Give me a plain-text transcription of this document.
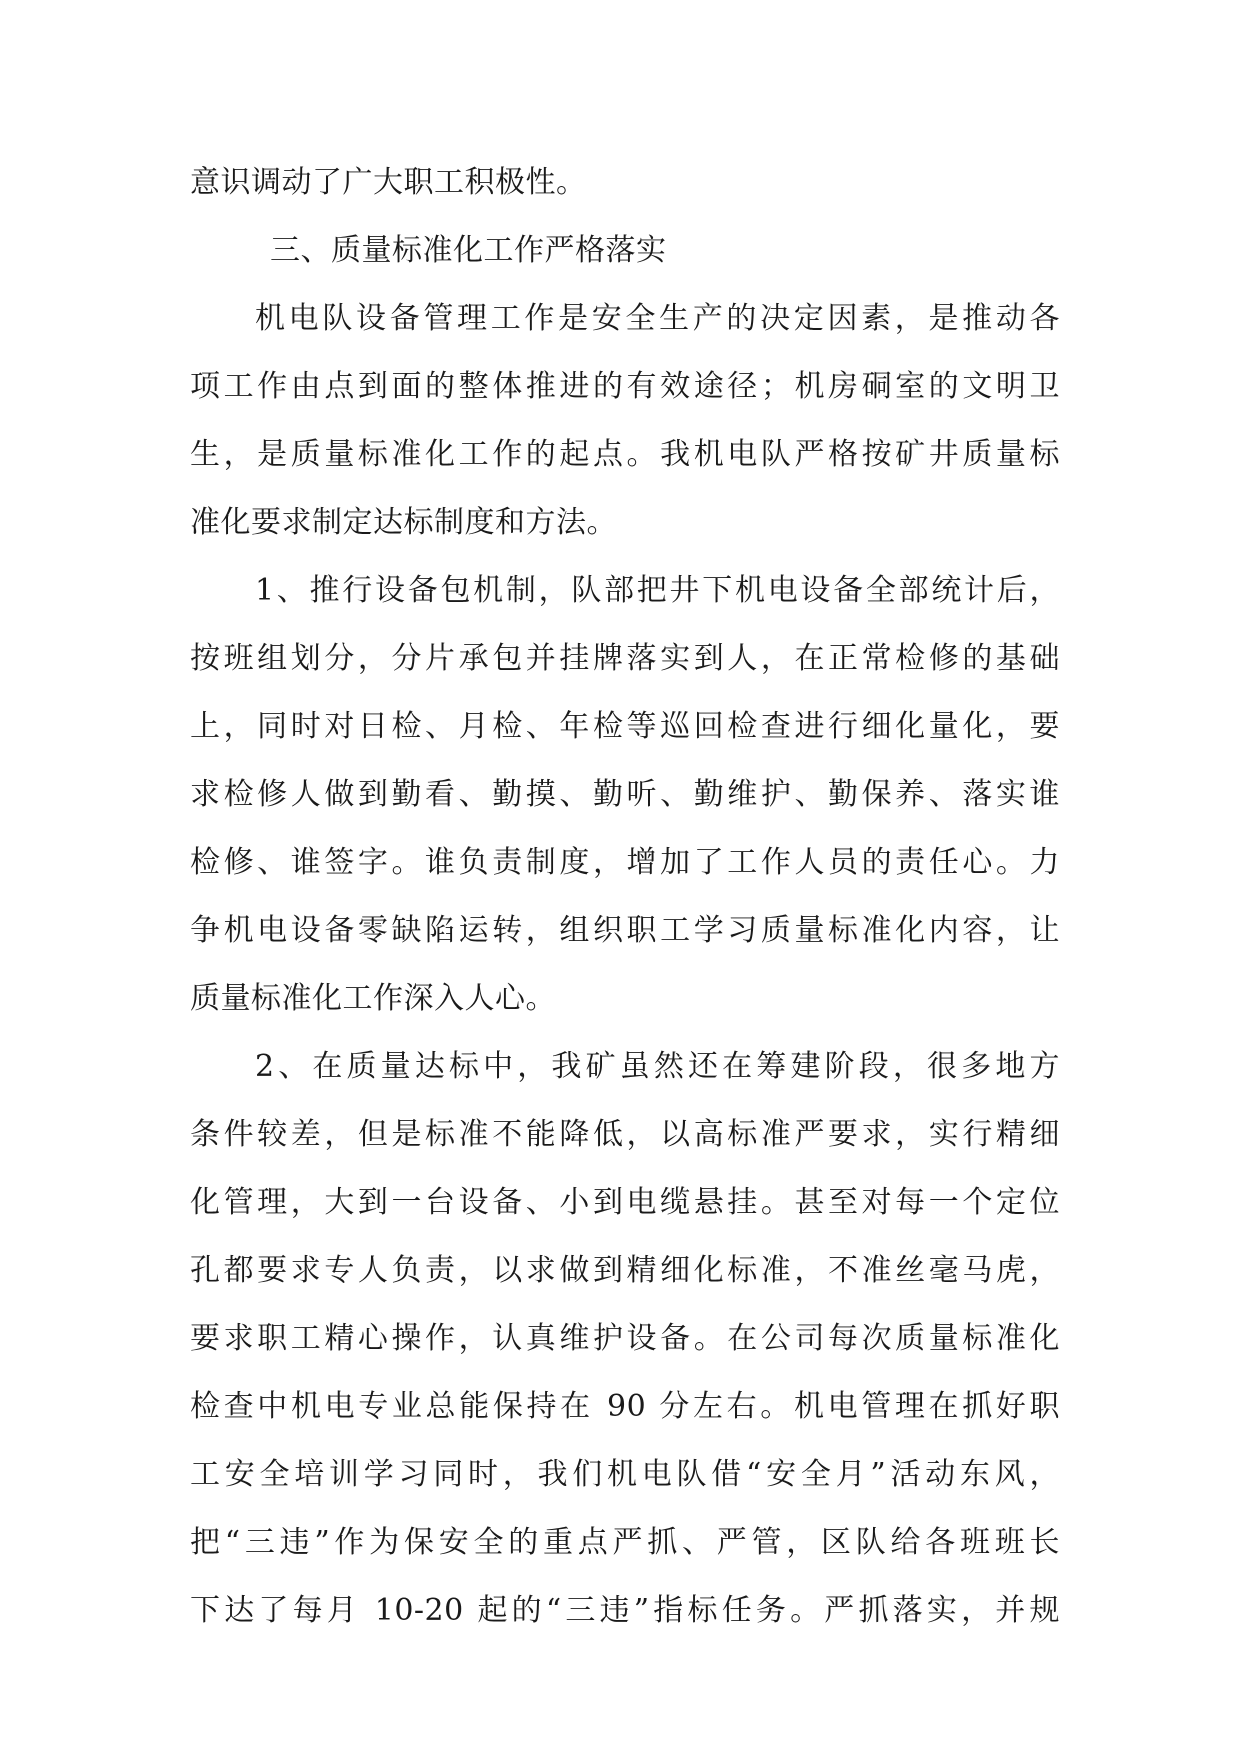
意识调动了广大职工积极性。
三、质量标准化工作严格落实
机电队设备管理工作是安全生产的决定因素，是推动各
项工作由点到面的整体推进的有效途径；机房硐室的文明卫
生，是质量标准化工作的起点。我机电队严格按矿井质量标
准化要求制定达标制度和方法。
1、推行设备包机制，队部把井下机电设备全部统计后，
按班组划分，分片承包并挂牌落实到人，在正常检修的基础
上，同时对日检、月检、年检等巡回检查进行细化量化，要
求检修人做到勤看、勤摸、勤听、勤维护、勤保养、落实谁
检修、谁签字。谁负责制度，增加了工作人员的责任心。力
争机电设备零缺陷运转，组织职工学习质量标准化内容，让
质量标准化工作深入人心。
2、在质量达标中，我矿虽然还在筹建阶段，很多地方
条件较差，但是标准不能降低，以高标准严要求，实行精细
化管理，大到一台设备、小到电缆悬挂。甚至对每一个定位
孔都要求专人负责，以求做到精细化标准，不准丝毫马虎，
要求职工精心操作，认真维护设备。在公司每次质量标准化
检查中机电专业总能保持在 90 分左右。机电管理在抓好职
工安全培训学习同时，我们机电队借“安全月”活动东风，
把“三违”作为保安全的重点严抓、严管，区队给各班班长
下达了每月 10-20 起的“三违”指标任务。严抓落实，并规
